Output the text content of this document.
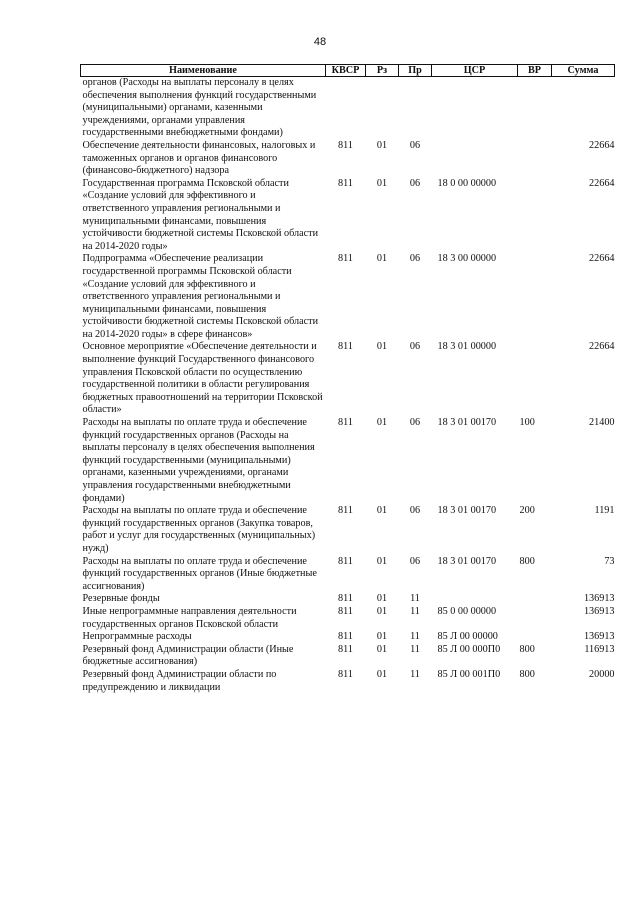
48
Наименование	КВСР	Рз	Пр	ЦСР	ВР	Сумма
органов (Расходы на выплаты персоналу в целях обеспечения выполнения функций государственными (муниципальными) органами, казенными учреждениями, органами управления государственными внебюджетными фондами)						
Обеспечение деятельности финансовых, налоговых и таможенных органов и органов финансового (финансово-бюджетного) надзора	811	01	06			22664
Государственная программа Псковской области «Создание условий для эффективного и ответственного управления региональными и муниципальными финансами, повышения устойчивости бюджетной системы Псковской области на 2014-2020 годы»	811	01	06	18 0 00 00000		22664
Подпрограмма «Обеспечение реализации государственной программы Псковской области «Создание условий для эффективного и ответственного управления региональными и муниципальными финансами, повышения устойчивости бюджетной системы Псковской области на 2014-2020 годы» в сфере финансов»	811	01	06	18 3 00 00000		22664
Основное мероприятие «Обеспечение деятельности и выполнение функций Государственного финансового управления Псковской области по осуществлению государственной политики в области регулирования бюджетных правоотношений на территории Псковской области»	811	01	06	18 3 01 00000		22664
Расходы на выплаты по оплате труда и обеспечение функций государственных органов (Расходы на выплаты персоналу в целях обеспечения выполнения функций государственными (муниципальными) органами, казенными учреждениями, органами управления государственными внебюджетными фондами)	811	01	06	18 3 01 00170	100	21400
Расходы на выплаты по оплате труда и обеспечение функций государственных органов (Закупка товаров, работ и услуг для государственных (муниципальных) нужд)	811	01	06	18 3 01 00170	200	1191
Расходы на выплаты по оплате труда и обеспечение функций государственных органов (Иные бюджетные ассигнования)	811	01	06	18 3 01 00170	800	73
Резервные фонды	811	01	11			136913
Иные непрограммные направления деятельности государственных органов Псковской области	811	01	11	85 0 00 00000		136913
Непрограммные расходы	811	01	11	85 Л 00 00000		136913
Резервный фонд Администрации области (Иные бюджетные ассигнования)	811	01	11	85 Л 00 000П0	800	116913
Резервный фонд Администрации области по предупреждению и ликвидации	811	01	11	85 Л 00 001П0	800	20000
